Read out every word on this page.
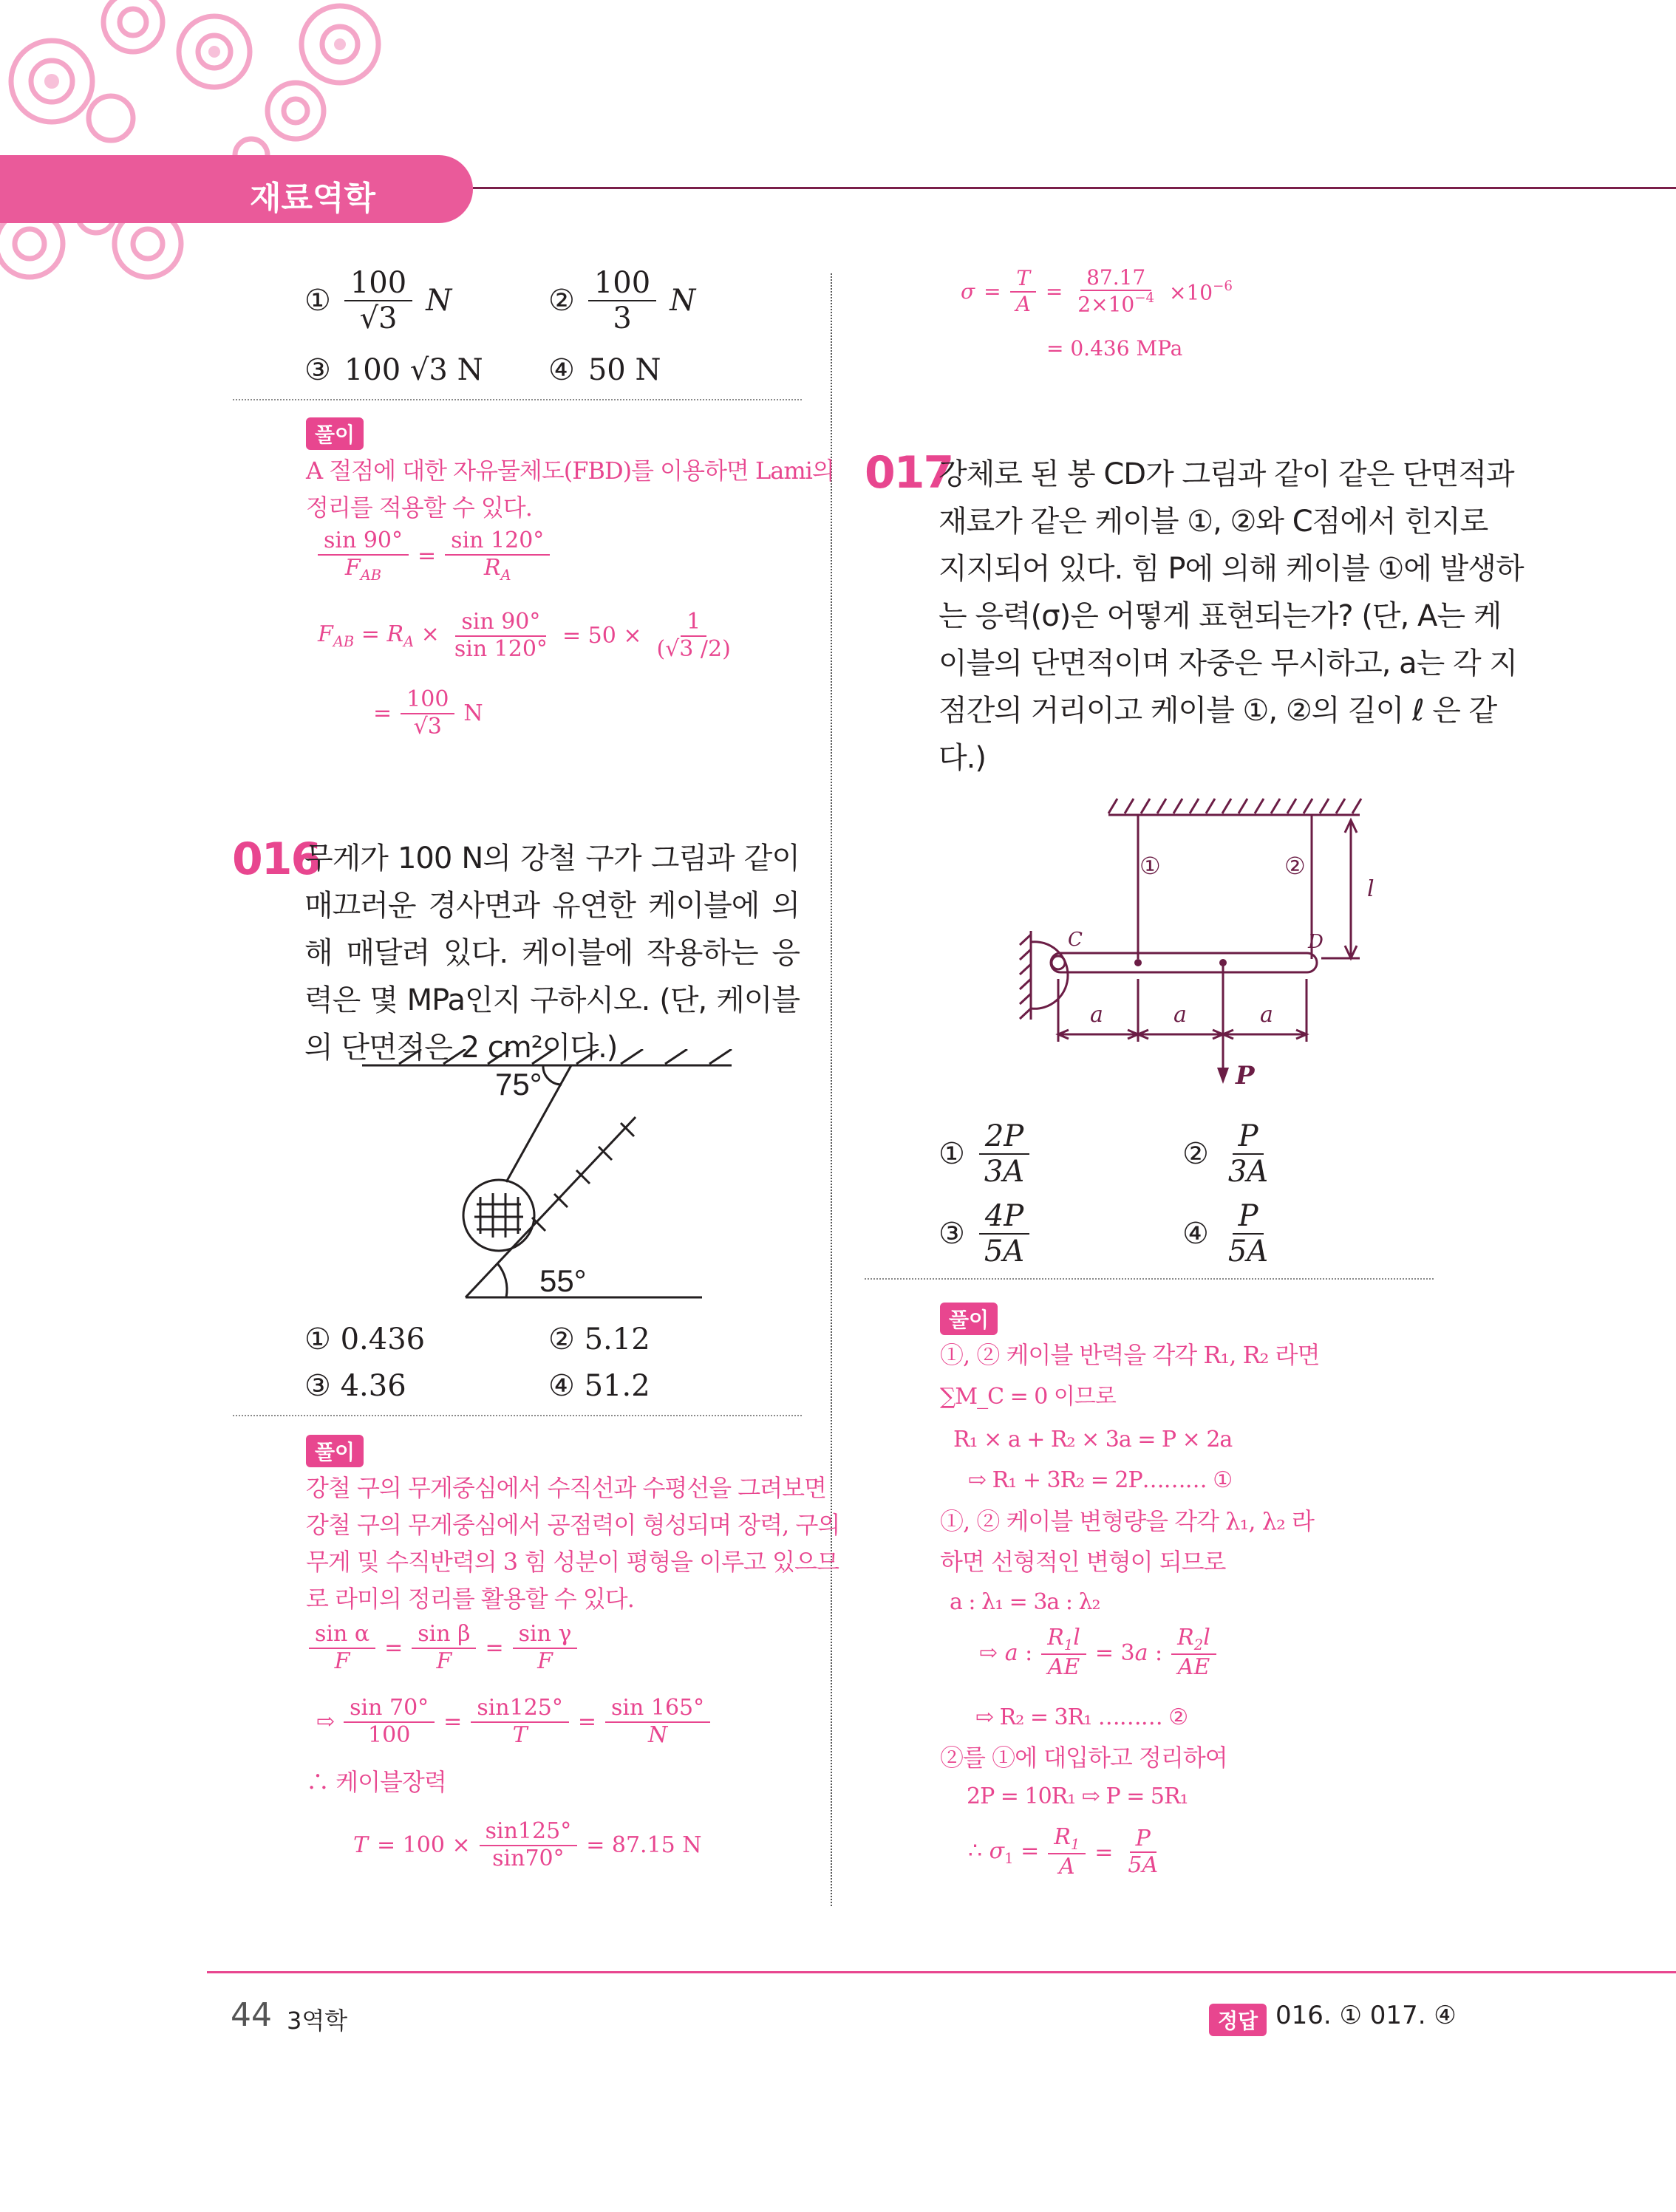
재료역학
① $\frac{100}{√3}$ N	② $\frac{100}{3}$ N
③ 100 √3 N ④ 50 N
풀이
A 절점에 대한 자유물체도(FBD)를 이용하면 Lami의
정리를 적용할 수 있다.
$\frac{\sin 90^\circ}{F_{AB}} = \frac{\sin 120^\circ}{R_A}$
$F_{AB} = R_A \times \frac{\sin 90^\circ}{\sin 120^\circ} = 50 \times \frac{1}{(√3 /2)}$
= $\frac{100}{√3}$ N
016
무게가 100 N의 강철 구가 그림과 같이 매끄러운 경사면과 유연한 케이블에 의해 매달려 있다. 케이블에 작용하는 응력은 몇 MPa인지 구하시오. (단, 케이블의 단면적은 2 cm²이다.)
75°
55°
① 0.436	② 5.12
③ 4.36	④ 51.2
풀이
강철 구의 무게중심에서 수직선과 수평선을 그려보면
강철 구의 무게중심에서 공점력이 형성되며 장력, 구의
무게 및 수직반력의 3 힘 성분이 평형을 이루고 있으므
로 라미의 정리를 활용할 수 있다.
$\frac{\text{sin α}}{F} = \frac{\text{sin β}}{F} = \frac{\text{sin γ}}{F}$
⇨ $\frac{\sin 70^\circ}{100} = \frac{\sin 125^\circ}{T} = \frac{\sin 165^\circ}{N}$
∴ 케이블장력
$T = 100 \times \frac{\sin 125^\circ}{\sin 70^\circ} = 87.15$ N
$\sigma = \frac{T}{A} = \frac{87.17}{2\times 10^{-4}} \times 10^{-6}$
= 0.436 MPa
017
강체로 된 봉 CD가 그림과 같이 같은 단면적과
재료가 같은 케이블 ①, ②와 C점에서 힌지로
지지되어 있다. 힘 P에 의해 케이블 ①에 발생하
는 응력(σ)은 어떻게 표현되는가? (단, A는 케
이블의 단면적이며 자중은 무시하고, a는 각 지
점간의 거리이고 케이블 ①, ②의 길이 ℓ 은 같
다.)
C	D
l
a	a	a
P
①	②
① $\frac{2P}{3A}$	② $\frac{P}{3A}$
③ $\frac{4P}{5A}$	④ $\frac{P}{5A}$
풀이
①, ② 케이블 반력을 각각 R₁, R₂ 라면
∑M_C = 0 이므로
R₁ × a + R₂ × 3a = P × 2a
⇨ R₁ + 3R₂ = 2P……… ①
①, ② 케이블 변형량을 각각 λ₁, λ₂ 라
하면 선형적인 변형이 되므로
a : λ₁ = 3a : λ₂
⇨ a : $\frac{R_1l}{AE} = 3a$ : $\frac{R_2l}{AE}$
⇨ R₂ = 3R₁ ……… ②
②를 ①에 대입하고 정리하여
2P = 10R₁ ⇨ P = 5R₁
∴ $\sigma_1 = \frac{R_1}{A} = \frac{P}{5A}$
44 3역학	정답 016. ① 017. ④
